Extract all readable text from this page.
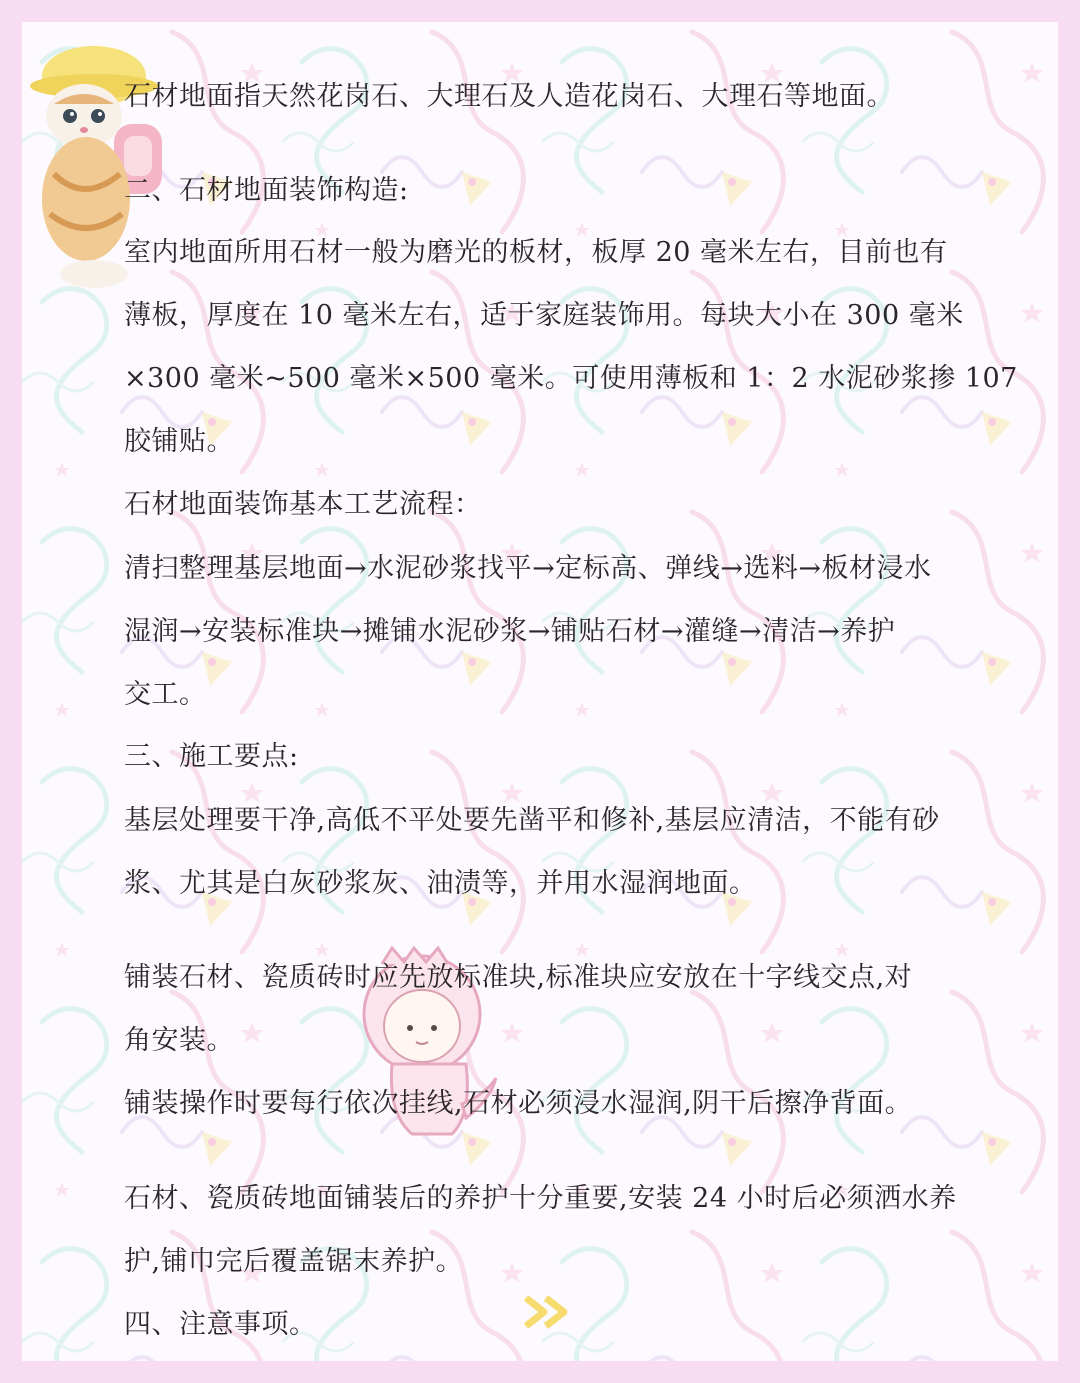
石材地面指天然花岗石、大理石及人造花岗石、大理石等地面。
二、石材地面装饰构造:
室内地面所用石材一般为磨光的板材，板厚 20 毫米左右，目前也有
薄板，厚度在 10 毫米左右，适于家庭装饰用。每块大小在 300 毫米
×300 毫米~500 毫米×500 毫米。可使用薄板和 1：2 水泥砂浆掺 107
胶铺贴。
石材地面装饰基本工艺流程：
清扫整理基层地面→水泥砂浆找平→定标高、弹线→选料→板材浸水
湿润→安装标准块→摊铺水泥砂浆→铺贴石材→灌缝→清洁→养护
交工。
三、施工要点:
基层处理要干净,高低不平处要先凿平和修补,基层应清洁，不能有砂
浆、尤其是白灰砂浆灰、油渍等，并用水湿润地面。
铺装石材、瓷质砖时应先放标准块,标准块应安放在十字线交点,对
角安装。
铺装操作时要每行依次挂线,石材必须浸水湿润,阴干后擦净背面。
石材、瓷质砖地面铺装后的养护十分重要,安装 24 小时后必须洒水养
护,铺巾完后覆盖锯末养护。
四、注意事项。
